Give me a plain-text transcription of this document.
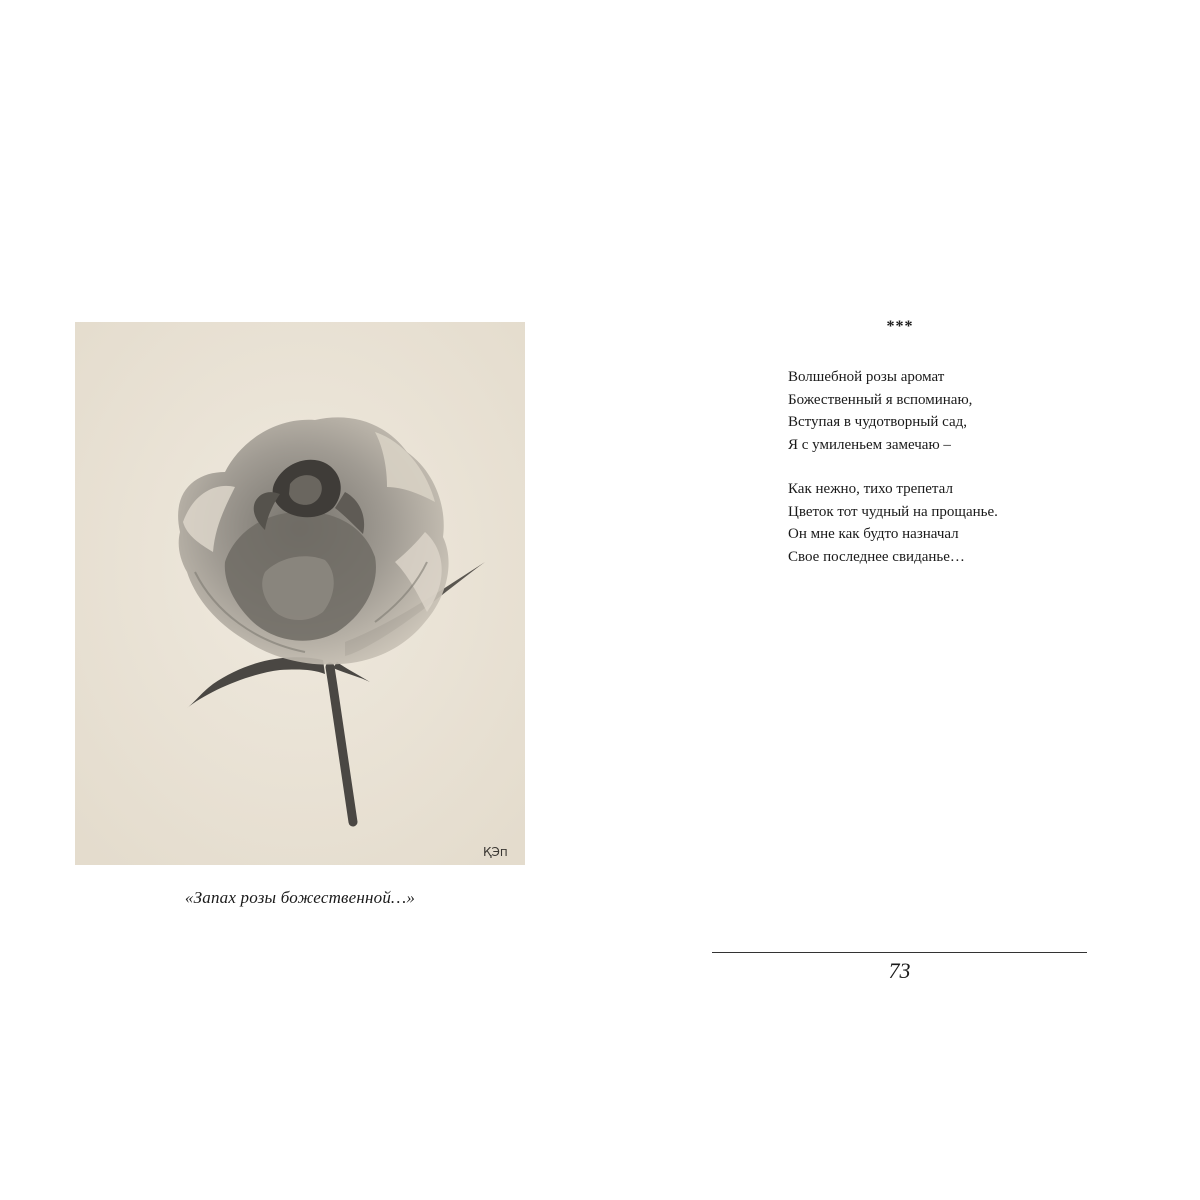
ҚЭп
«Запах розы божественной…»
***
Волшебной розы аромат
Божественный я вспоминаю,
Вступая в чудотворный сад,
Я с умиленьем замечаю –
Как нежно, тихо трепетал
Цветок тот чудный на прощанье.
Он мне как будто назначал
Свое последнее свиданье…
73
